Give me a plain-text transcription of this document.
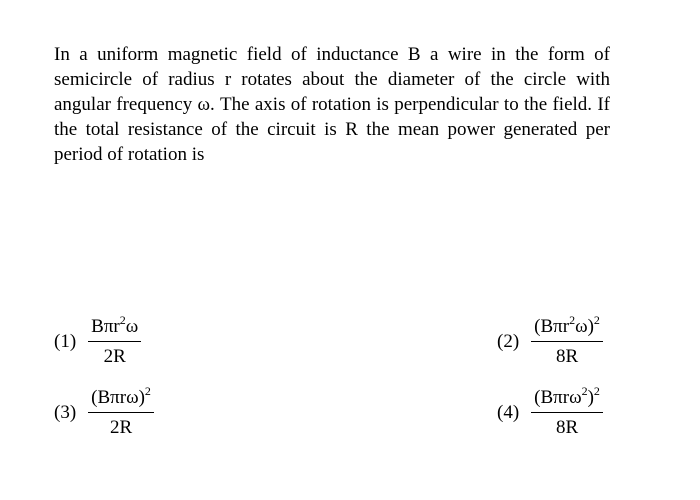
In a uniform magnetic field of inductance B a wire in the form of semicircle of radius r rotates about the diameter of the circle with angular frequency ω. The axis of rotation is perpendicular to the field. If the total resistance of the circuit is R the mean power generated per period of rotation is

$(1) \frac{B\pi r^2\omega}{2R}$	$(2) \frac{(B\pi r^2\omega)^2}{8R}$
$(3) \frac{(B\pi r\omega)^2}{2R}$	$(4) \frac{(B\pi r\omega^2)^2}{8R}$
